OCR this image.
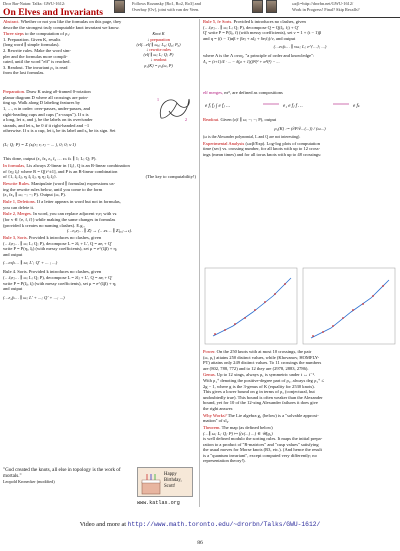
Dror Bar-Natan: Talks: GWU-1612:
On Elves and Invariants
Follows Rozansky [Ro1, Ro2, Ro3] and
Overbay [Ov], joint with van der Veen.
ωεβ:=http://drorbn.net/GWU-1612/
Work in Progress! Final? Skip Recalls?
Abstract. Whether or not you like the formulas on this page, they
describe the strongest truly computable knot invariant we know.
Three steps to the computation of ρ₁:
1. Preparation. Given K, results
(long word ∥ simple formulas).
2. Rewrite rules. Make the word sim-
pler and the formulas more compli-
cated, until the word "elf" is reached.
3. Readout. The invariant ρ₁ is read
from the last formulas.
Knot K
↓ preparation
(elf…elf ∥ ω₀; L₀; Q₀; P₀)
↓ rewrite rules
(elf ∥ ω; L; Q; P)
↓ readout
ρ₁(K) = ρ₁(ω, P)
Preparation. Draw K using a0-framed 0-rotation
planar diagram D where all crossings are poin-
ting up. Walk along D labeling features by
1, …, n in order: over-passes, under-passes, and
right-heading cups and caps ("x-cusps"). If x is
a long, let x, and j, be the labels on its over/under
strands, and let sₓ be 0 if it right-handed and −1
otherwise. If x is a cup, let iₓ be its label and sₓ be its sign. Set
1
2
(L; Q; P) = Σ (sᵢ(r; rᵢ rⱼ − ... ), 0; 0; s·1)
This done, output (ε₁ fε₂ ε₃ f₂ … εₙ fₙ ∥ 1; L; Q; P).
In formulas, Lis always Z-linear in {ξᵢ}, Q is an R-linear combination
of {ηⱼ ξᵢ} where R = Q[t^±1], and P is an R-linear combination
of {1, ξᵢ ξⱼ, ηᵢ ξᵢ ξⱼ, ηᵢ ηⱼ ξᵢ ξⱼ}.	(The key to computability!)
Rewrite Rules. Manipulate (word ∥ formulas) expressions us-
ing the rewrite rules below, until you come to the form
(ε₁ fε₂ ∥ ω; −; −; P). Output (ω, P).
Rule 1, Deletions. If a letter appears in word but not in formulas,
you can delete it.
Rule 2, Merges. In word, you can replace adjacent vᵢvⱼ with vₖ
(for v ∈ {e, f, f}) while making the same changes in formulas
(provided k creates no naming clashes). E.g.,
(…eₐeⱼ… ∥ Z) → (…eₖ… ∥ Z|ₐ,ⱼ→ₖ).
Rule 3, Sorts. Provided k introduces no clashes, given
(…fᵢeⱼ… ∥ ω; L; Q; P), decompose L = λlᵢ + L', Q = aeᵢ + Q'
write P = P(ηᵢ, ξᵢ) (with messy coefficients), set μ = e^(ξβ) + ηᵢ
and output
(…eₖfₖ… ∥ ω; L'; Q' + ... ; ...)
Rule 4. Sorts. Provided k introduces no clashes, given
(…fᵢeⱼ… ∥ ω; L; Q; P), decompose L = λlⱼ + L', Q = aeᵢ + Q'
write P = P(ξᵢ, fᵢ) (with messy coefficients), set μ = e^(ξβ) + ηᵢ
and output
(…ε₂fₖ… ∥ ω; L' + ...; Q' + ...; ...)
"God created the knots, all else in topology is the work of mortals."
Leopold Kronecker (modified)
Happy
Birthday,
Scott!
www.katlas.org
Rule 5, fe Sorts. Provided k introduces no clashes, given
(…fᵢeⱼ… ∥ ω; L; Q; P), decompose Q = Q(ξᵢ, fⱼ) + Q'
Q' write P = P(ξᵢ, f) (with messy coefficients), set ν = 1 + (t − 1)β
and q = ((t − 1)αβ + βeⱼ + aξⱼ + δeⱼfⱼ)/ν, and output
(…eₖfₖ… ∥ νω; L; e^{…}; ...)
where A is the Λ ovoç, "a principle of order and knowledge":
Λ₂ = (t+1)/4 · ... − δ(μ + 1)(β²ξ² + α²ξ²) − ...
elf merges, mᵉᶠ, are defined as compositions
e fᵢ fⱼ ∫ e fⱼ …	e₁ e fⱼ f …	e fₖ
Readout. Given (ε|f ∥ ω; −; −; P), output
ρ₁(K) := (∂P/∂...(...)) / (ω...)
(ω is the Alexander polynomial, L and Q are not interesting).
Experimental Analysis (ωεβ/Exp). Log-log plots of computation
time (sec) vs. crossing number, for all knots with up to 12 cross-
ings (mean times) and for all torus knots with up to 48 crossings:
Power. On the 250 knots with at most 10 crossings, the pair
(ω, ρ₁) attains 250 distinct values, while (Khovanov, HOMFLY-
PT) attains only 249 distinct values. To 11 crossings the numbers
are (802, 788, 772) and to 12 they are (2978, 2883, 2786).
Genus. Up to 12 xings, always ρ₁ is symmetric under t ↔ t⁻¹.
With ρ₁⁺ denoting the positive-degree part of ρ₁, always deg ρ₁⁺ ≤
2g − 1, where g is the 3-genus of K (equality for 2530 knots).
This gives a lower bound on g in terms of ρ₁ (conjectural, but
undoubtedly true). This bound is often weaker than the Alexander
bound, yet for 10 of the 12-xing Alexander failures it does give
the right answer.
Why Works? The Lie algebra g₁ (below) is a "solvable approxi-
mation" of sl₂.
Theorem. The map (as defined below)
(…∥ ω; L; Q; P) ↦ ∫(ε(...) ...) ∈ 𝒰(g₁)
is well defined modulo the sorting rules. It maps the initial prepa-
ration to a product of "R-matrices" and "cusp values" satisfying
the usual moves for Morse knots (R3, etc.). (And hence the result
is a "quantum invariant", except computed very differently; no
representation theory!).
Video and more at http://www.math.toronto.edu/~drorbn/Talks/GWU-1612/
86
